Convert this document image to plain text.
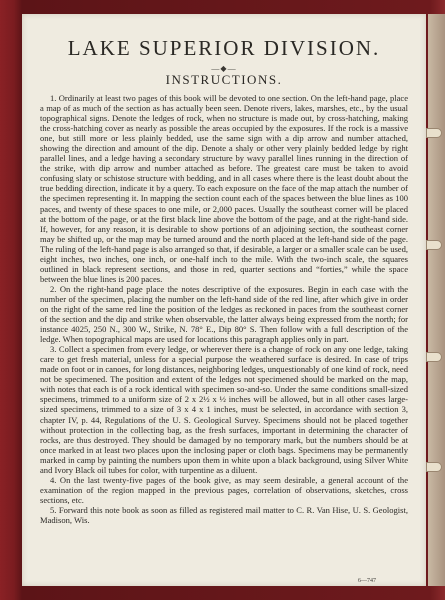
LAKE SUPERIOR DIVISION.
—◆—
INSTRUCTIONS.

1. Ordinarily at least two pages of this book will be devoted to one section. On the left-hand page, place a map of as much of the section as has actually been seen. Denote rivers, lakes, marshes, etc., by the usual topographical signs. Denote the ledges of rock, when no structure is made out, by cross-hatching, making the cross-hatching cover as nearly as possible the areas occupied by the exposures. If the rock is a massive one, but still more or less plainly bedded, use the same sign with a dip arrow and number attached, showing the direction and amount of the dip. Denote a shaly or other very plainly bedded ledge by right parallel lines, and a ledge having a secondary structure by wavy parallel lines running in the direction of the strike, with dip arrow and number attached as before. The greatest care must be taken to avoid confusing slaty or schistose structure with bedding, and in all cases where there is the least doubt about the true bedding direction, indicate it by a query. To each exposure on the face of the map attach the number of the specimen representing it. In mapping the section count each of the spaces between the blue lines as 100 paces, and twenty of these spaces to one mile, or 2,000 paces. Usually the southeast corner will be placed at the bottom of the page, or at the first black line above the bottom of the page, and at the right-hand side. If, however, for any reason, it is desirable to show portions of an adjoining section, the southeast corner may be shifted up, or the map may be turned around and the north placed at the left-hand side of the page. The ruling of the left-hand page is also arranged so that, if desirable, a larger or a smaller scale can be used, eight inches, two inches, one inch, or one-half inch to the mile. With the two-inch scale, the squares outlined in black represent sections, and those in red, quarter sections and “forties,” while the space between the blue lines is 200 paces.

2. On the right-hand page place the notes descriptive of the exposures. Begin in each case with the number of the specimen, placing the number on the left-hand side of the red line, after which give in order on the right of the same red line the position of the ledges as reckoned in paces from the southeast corner of the section and the dip and strike when observable, the latter always being expressed from the north; for instance 4025, 250 N., 300 W., Strike, N. 78° E., Dip 80° S. Then follow with a full description of the ledge. When topographical maps are used for locations this paragraph applies only in part.

3. Collect a specimen from every ledge, or wherever there is a change of rock on any one ledge, taking care to get fresh material, unless for a special purpose the weathered surface is desired. In case of trips made on foot or in canoes, for long distances, neighboring ledges, unquestionably of one kind of rock, need not be specimened. The position and extent of the ledges not specimened should be marked on the map, with notes that each is of a rock identical with specimen so-and-so. Under the same conditions small-sized specimens, trimmed to a uniform size of 2 x 2½ x ½ inches will be allowed, but in all other cases large-sized specimens, trimmed to a size of 3 x 4 x 1 inches, must be selected, in accordance with section 3, chapter IV, p. 44, Regulations of the U. S. Geological Survey. Specimens should not be placed together without protection in the collecting bag, as the fresh surfaces, important in determining the character of rocks, are thus destroyed. They should be damaged by no temporary mark, but the numbers should be at once marked in at least two places upon the inclosing paper or cloth bags. Specimens may be permanently marked in camp by painting the numbers upon them in white upon a black background, using Silver White and Ivory Black oil tubes for color, with turpentine as a diluent.

4. On the last twenty-five pages of the book give, as may seem desirable, a general account of the examination of the region mapped in the previous pages, correlation of observations, sketches, cross sections, etc.

5. Forward this note book as soon as filled as registered mail matter to C. R. Van Hise, U. S. Geologist, Madison, Wis.

6—747
